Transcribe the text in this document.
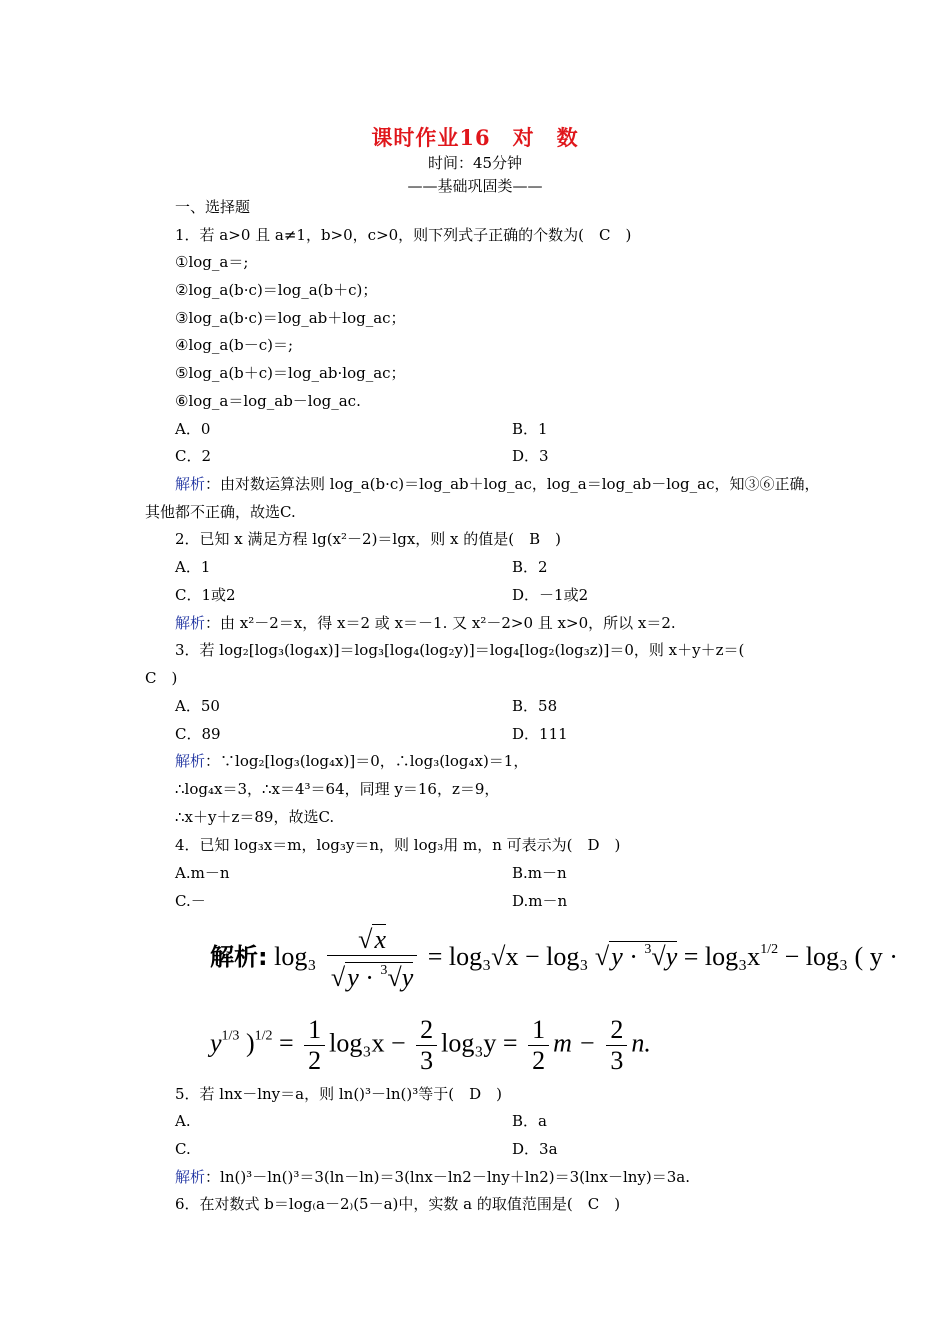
课时作业16　对　数
时间：45分钟
——基础巩固类——
一、选择题
1．若 a>0 且 a≠1，b>0，c>0，则下列式子正确的个数为(　C　)
①log_a＝;
②log_a(b·c)＝log_a(b＋c)；
③log_a(b·c)＝log_ab＋log_ac；
④log_a(b－c)＝;
⑤log_a(b＋c)＝log_ab·log_ac；
⑥log_a＝log_ab－log_ac.
A．0	B．1
C．2	D．3
解析：由对数运算法则 log_a(b·c)＝log_ab＋log_ac，log_a＝log_ab－log_ac，知③⑥正确，
其他都不正确，故选C.
2．已知 x 满足方程 lg(x²－2)＝lgx，则 x 的值是(　B　)
A．1	B．2
C．1或2	D．－1或2
解析：由 x²－2＝x，得 x＝2 或 x＝－1. 又 x²－2>0 且 x>0，所以 x＝2.
3．若 log₂[log₃(log₄x)]＝log₃[log₄(log₂y)]＝log₄[log₂(log₃z)]＝0，则 x＋y＋z＝(
C　)
A．50	B．58
C．89	D．111
解析：∵log₂[log₃(log₄x)]＝0，∴log₃(log₄x)＝1，
∴log₄x＝3，∴x＝4³＝64，同理 y＝16，z＝9，
∴x＋y＋z＝89，故选C.
4．已知 log₃x＝m，log₃y＝n，则 log₃用 m，n 可表示为(　D　)
A.m－n	B.m－n
C.－	D.m－n
解析: $\log_3 \frac{√x}{√y \cdot ^3√y} = \log_3√x - \log_3$ $√y \cdot ^3√y = \log_3x^{1/2} - \log_3$ ( y ·
$y^{1/3}$ )$^{1/2} = \frac{1}{2} \log_3x - \frac{2}{3} \log_3y = \frac{1}{2}$ $m - \frac{2}{3} n$.
5．若 lnx－lny＝a，则 ln()³－ln()³等于(　D　)
A.	B．a
C.	D．3a
解析：ln()³－ln()³＝3(ln－ln)＝3(lnx－ln2－lny＋ln2)＝3(lnx－lny)＝3a.
6．在对数式 b＝log₍a－2₎(5－a)中，实数 a 的取值范围是(　C　)
